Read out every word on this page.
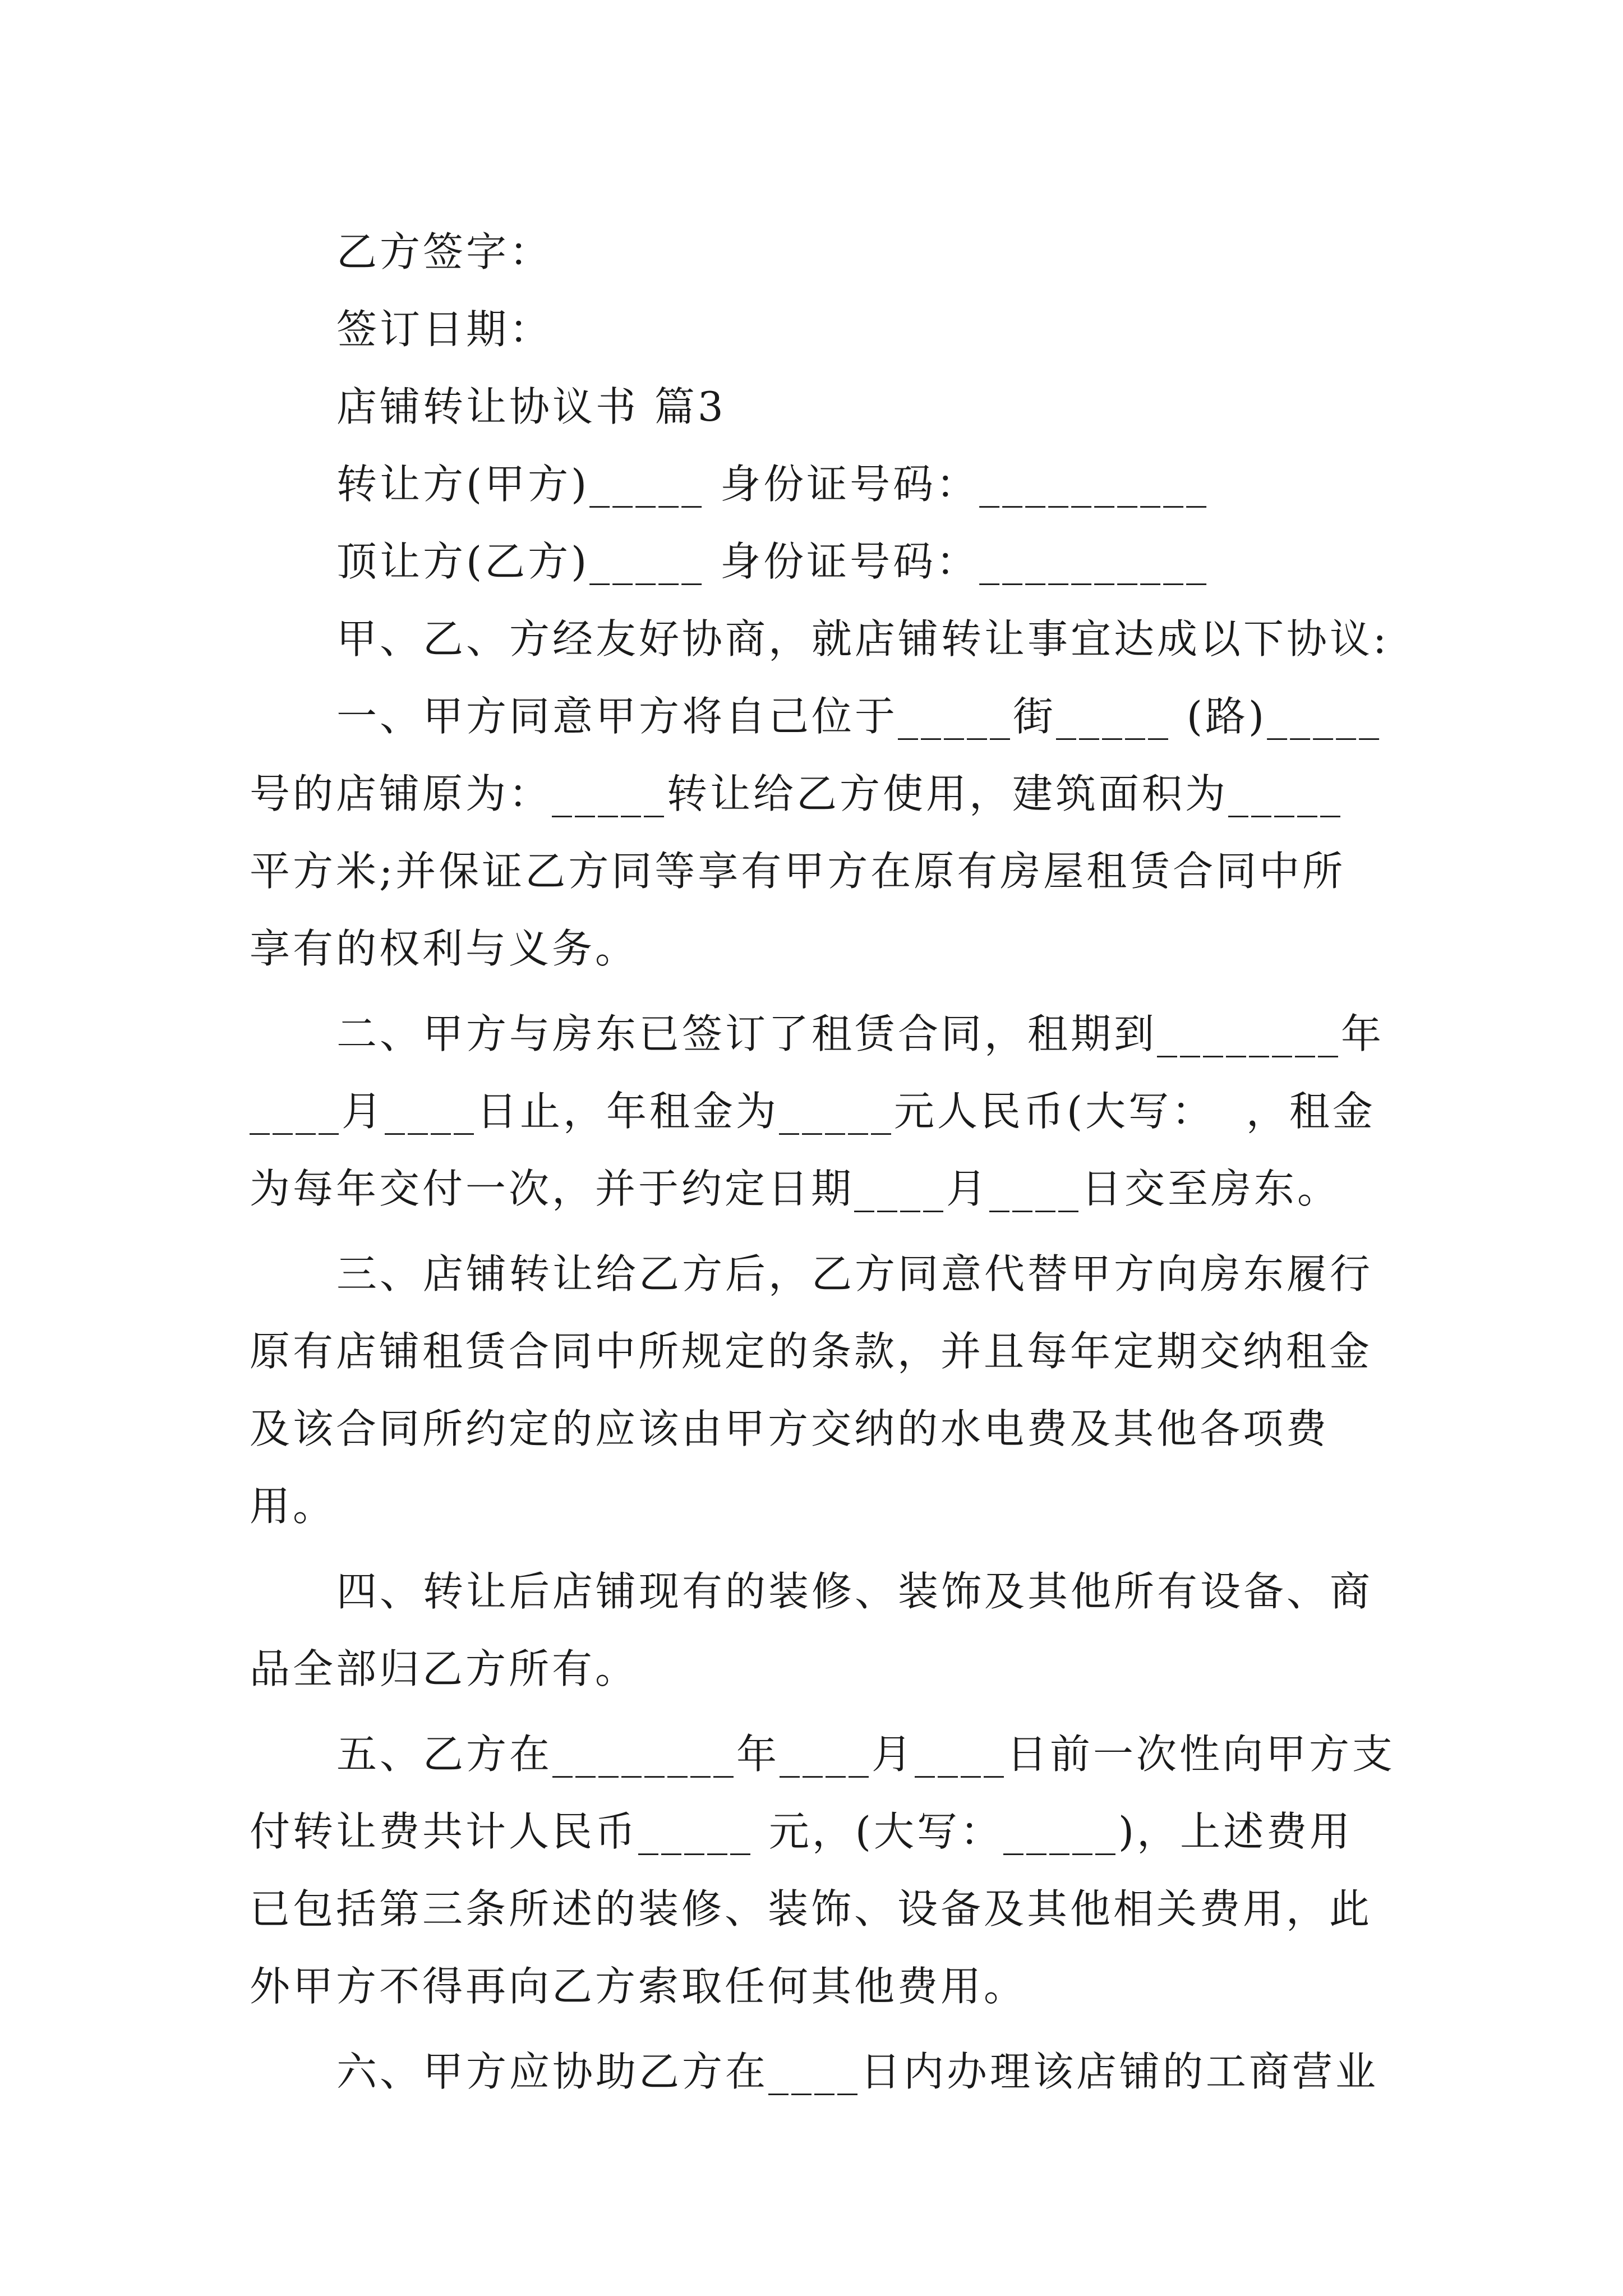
乙方签字：

签订日期：

店铺转让协议书 篇3

转让方(甲方)_____ 身份证号码：__________

顶让方(乙方)_____ 身份证号码：__________

甲、乙、方经友好协商，就店铺转让事宜达成以下协议:

一、甲方同意甲方将自己位于_____街_____ (路)_____

号的店铺原为：_____转让给乙方使用，建筑面积为_____

平方米;并保证乙方同等享有甲方在原有房屋租赁合同中所

享有的权利与义务。

二、甲方与房东已签订了租赁合同，租期到________年

____月____日止，年租金为_____元人民币(大写：  ，租金

为每年交付一次，并于约定日期____月____日交至房东。

三、店铺转让给乙方后，乙方同意代替甲方向房东履行

原有店铺租赁合同中所规定的条款，并且每年定期交纳租金

及该合同所约定的应该由甲方交纳的水电费及其他各项费

用。

四、转让后店铺现有的装修、装饰及其他所有设备、商

品全部归乙方所有。

五、乙方在________年____月____日前一次性向甲方支

付转让费共计人民币_____ 元，(大写：_____)，上述费用

已包括第三条所述的装修、装饰、设备及其他相关费用，此

外甲方不得再向乙方索取任何其他费用。

六、甲方应协助乙方在____日内办理该店铺的工商营业
